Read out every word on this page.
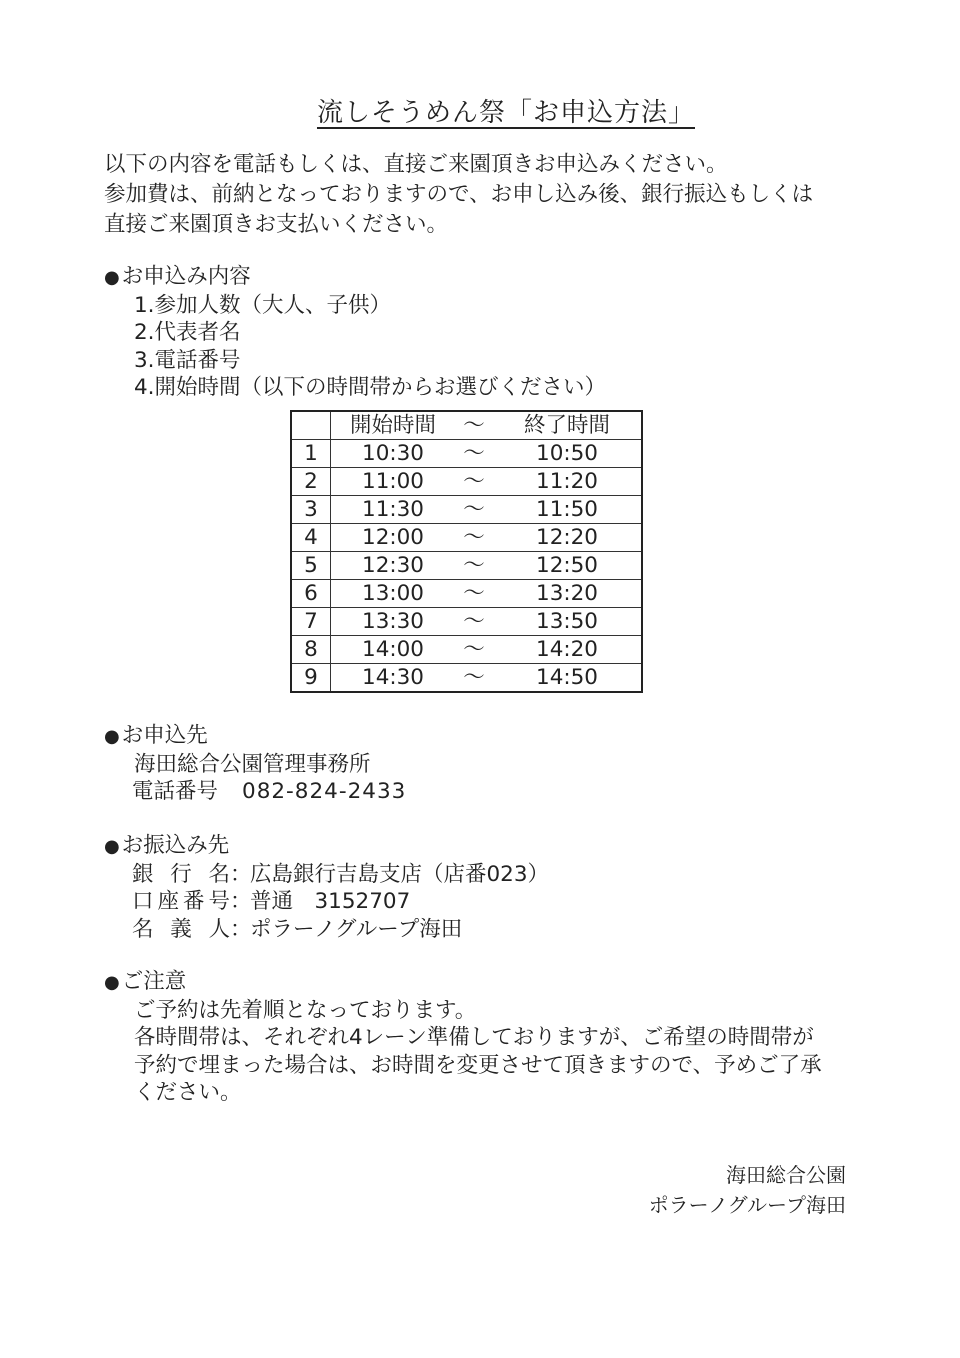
流しそうめん祭「お申込方法」
以下の内容を電話もしくは、直接ご来園頂きお申込みください。
参加費は、前納となっておりますので、お申し込み後、銀行振込もしくは
直接ご来園頂きお支払いください。
●お申込み内容
1.参加人数（大人、子供）
2.代表者名
3.電話番号
4.開始時間（以下の時間帯からお選びください）
	開始時間	～	終了時間
1	10:30	～	10:50
2	11:00	～	11:20
3	11:30	～	11:50
4	12:00	～	12:20
5	12:30	～	12:50
6	13:00	～	13:20
7	13:30	～	13:50
8	14:00	～	14:20
9	14:30	～	14:50
●お申込先
海田総合公園管理事務所
電話番号 082-824-2433
●お振込み先
銀行名 ：
広島銀行吉島支店（店番023）
口座番号 ：
普通　3152707
名義人 ：
ポラーノグループ海田
●ご注意
ご予約は先着順となっております。
各時間帯は、それぞれ4レーン準備しておりますが、ご希望の時間帯が
予約で埋まった場合は、お時間を変更させて頂きますので、予めご了承
ください。
海田総合公園
ポラーノグループ海田
